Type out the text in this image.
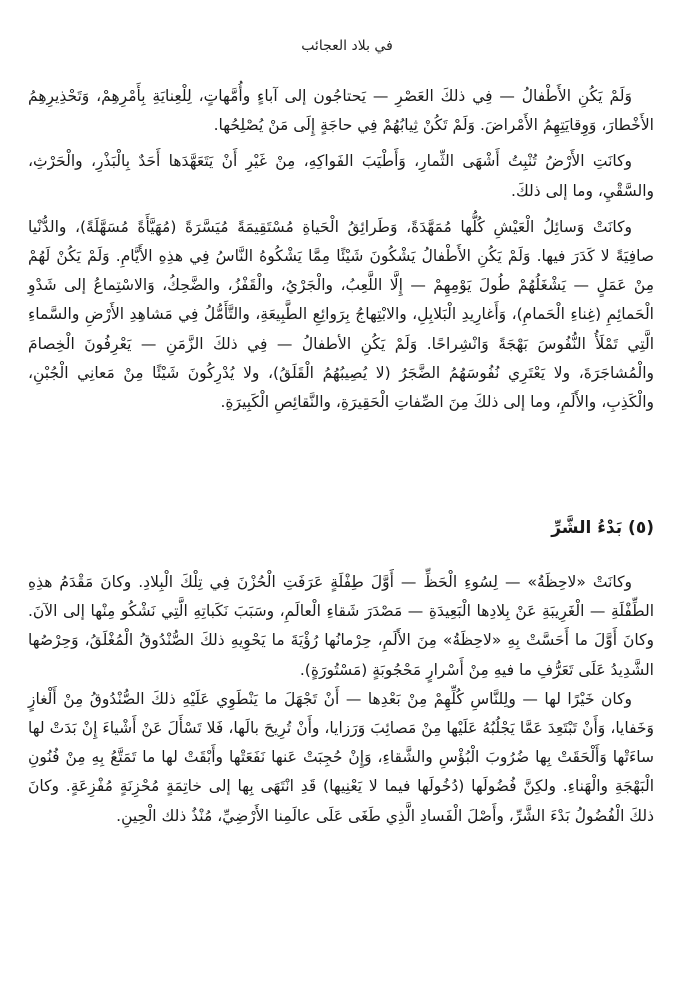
في بلاد العجائب

وَلَمْ يَكُنِ الأَطْفالُ — فِي ذلكَ العَصْرِ — يَحتاجُون إلى آباءٍ وأُمَّهاتٍ، لِلْعِنايَةِ بِأَمْرِهِمْ، وَتَحْذِيرِهِمُ الأَخْطارَ، وَوِقايَتِهِمُ الأَمْراضَ. وَلَمْ تَكُنْ ثِيابُهُمْ فِي حاجَةٍ إِلَى مَنْ يُصْلِحُها.

وكانَتِ الأَرْضُ تُنْبِتُ أَشْهَى الثِّمارِ، وَأَطْيَبَ الفَواكِهِ، مِنْ غَيْرِ أَنْ يَتَعَهَّدَها أَحَدٌ بِالْبَذْرِ، والْحَرْثِ، والسَّقْيِ، وما إلى ذلكَ.

وكانَتْ وَسائِلُ الْعَيْشِ كُلُّها مُمَهَّدَةً، وَطَرائِقُ الْحَياةِ مُسْتَقِيمَةً مُيَسَّرَةً (مُهَيَّأَةً مُسَهَّلَةً)، والدُّنْيا صافِيَةً لا كَدَرَ فيها. وَلَمْ يَكُنِ الأَطْفالُ يَشْكُونَ شَيْئًا مِمَّا يَشْكُوهُ النَّاسُ فِي هذِهِ الأَيَّامِ. وَلَمْ يَكُنْ لَهُمْ مِنْ عَمَلٍ — يَشْغَلُهُمْ طُولَ يَوْمِهِمْ — إِلَّا اللَّعِبُ، والْجَرْيُ، والْقَفْزُ، والضَّحِكُ، وَالاسْتِماعُ إلى شَدْوِ الْحَمائِمِ (غِناءِ الْحَمامِ)، وَأَغارِيدِ الْبَلابِلِ، والابْتِهاجُ بِرَوائِعِ الطَّبِيعَةِ، والتَّأَمُّلُ فِي مَشاهِدِ الأَرْضِ والسَّماءِ الَّتِي تَمْلَأُ النُّفُوسَ بَهْجَةً وَانْشِراحًا. وَلَمْ يَكُنِ الأطفالُ — فِي ذلكَ الزَّمَنِ — يَعْرِفُونَ الْخِصامَ والْمُشاجَرَةَ، ولا يَعْتَرِي نُفُوسَهُمُ الضَّجَرُ (لا يُصِيبُهُمُ الْقَلَقُ)، ولا يُدْرِكُونَ شَيْئًا مِنْ مَعانِي الْجُبْنِ، والْكَذِبِ، والأَلَمِ، وما إلى ذلكَ مِنَ الصِّفاتِ الْحَقِيرَةِ، والنَّقائِصِ الْكَبِيرَةِ.

(٥) بَدْءُ الشَّرِّ

وكانَتْ «لاحِظَةُ» — لِسُوءِ الْحَظِّ — أَوَّلَ طِفْلَةٍ عَرَفَتِ الْحُزْنَ فِي تِلْكَ الْبِلادِ. وكانَ مَقْدَمُ هذِهِ الطِّفْلَةِ — الْغَرِيبَةِ عَنْ بِلادِها الْبَعِيدَةِ — مَصْدَرَ شَقاءِ الْعالَمِ، وسَبَبَ نَكَباتِهِ الَّتِي نَشْكُو مِنْها إلى الآنَ. وكانَ أَوَّلَ ما أَحَسَّتْ بِهِ «لاحِظَةُ» مِنَ الأَلَمِ، حِرْمانُها رُؤْيَةَ ما يَحْوِيهِ ذلكَ الصُّنْدُوقُ الْمُغْلَقُ، وَحِرْصُها الشَّدِيدُ عَلَى تَعَرُّفِ ما فيهِ مِنْ أَسْرارٍ مَحْجُوبَةٍ (مَسْتُورَةٍ).

وكان خَيْرًا لها — ولِلنَّاسِ كُلِّهِمْ مِنْ بَعْدِها — أَنْ تَجْهَلَ ما يَنْطَوِي عَلَيْهِ ذلكَ الصُّنْدُوقُ مِنْ أَلْغازٍ وَخَفايا، وَأَنْ تَبْتَعِدَ عَمَّا يَجْلُبُهُ عَلَيْها مِنْ مَصائِبَ وَرَزايا، وأَنْ تُرِيحَ بالَها، فَلا تَسْأَلَ عَنْ أَشْياءَ إِنْ بَدَتْ لها ساءَتْها وَأَلْحَقَتْ بِها ضُرُوبَ الْبُؤْسِ والشَّقاءِ، وَإِنْ حُجِبَتْ عَنها نَفَعَتْها وأَبْقَتْ لها ما تَمَتَّعُ بِهِ مِنْ فُنُونِ الْبَهْجَةِ والْهَناءِ. ولكِنَّ فُضُولَها (دُخُولَها فيما لا يَعْنِيها) قَدِ انْتَهَى بِها إلى خاتِمَةٍ مُحْزِنَةٍ مُفْزِعَةٍ. وكانَ ذلكَ الْفُضُولُ بَدْءَ الشَّرِّ، وأَصْلَ الْفَسادِ الَّذِي طَغَى عَلَى عالَمِنا الأَرْضِيِّ، مُنْذُ ذلك الْحِينِ.
